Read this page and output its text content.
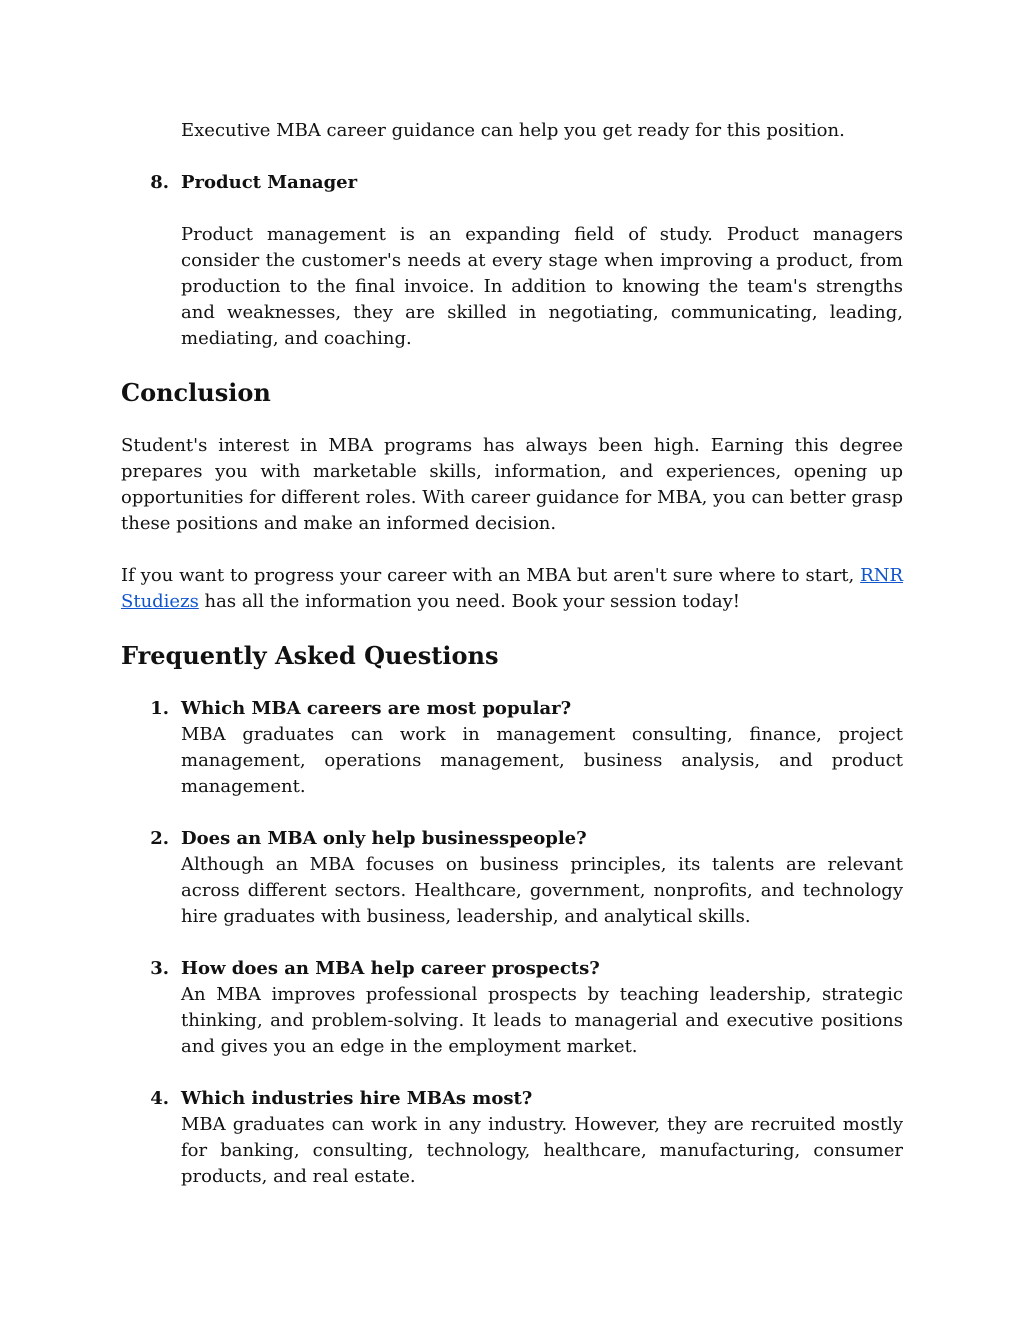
Executive MBA career guidance can help you get ready for this position.

8. Product Manager

Product management is an expanding field of study. Product managers consider the customer's needs at every stage when improving a product, from production to the final invoice. In addition to knowing the team's strengths and weaknesses, they are skilled in negotiating, communicating, leading, mediating, and coaching.

Conclusion

Student's interest in MBA programs has always been high. Earning this degree prepares you with marketable skills, information, and experiences, opening up opportunities for different roles. With career guidance for MBA, you can better grasp these positions and make an informed decision.

If you want to progress your career with an MBA but aren't sure where to start, RNR Studiezs has all the information you need. Book your session today!

Frequently Asked Questions
1. Which MBA careers are most popular?

MBA graduates can work in management consulting, finance, project management, operations management, business analysis, and product management.

2. Does an MBA only help businesspeople?

Although an MBA focuses on business principles, its talents are relevant across different sectors. Healthcare, government, nonprofits, and technology hire graduates with business, leadership, and analytical skills.

3. How does an MBA help career prospects?

An MBA improves professional prospects by teaching leadership, strategic thinking, and problem-solving. It leads to managerial and executive positions and gives you an edge in the employment market.

4. Which industries hire MBAs most?

MBA graduates can work in any industry. However, they are recruited mostly for banking, consulting, technology, healthcare, manufacturing, consumer products, and real estate.
